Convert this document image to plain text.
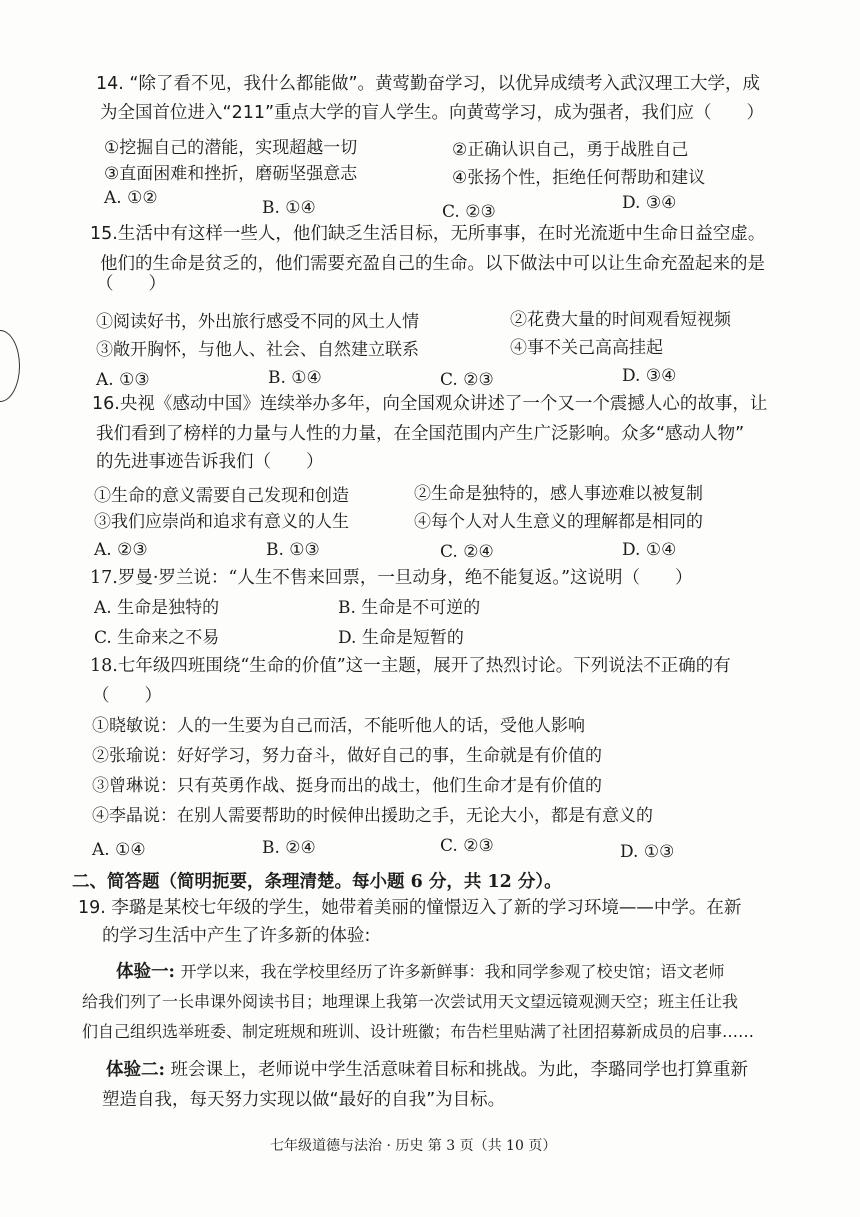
14. “除了看不见，我什么都能做”。黄莺勤奋学习，以优异成绩考入武汉理工大学，成
为全国首位进入“211”重点大学的盲人学生。向黄莺学习，成为强者，我们应（　　）
①挖掘自己的潜能，实现超越一切	②正确认识自己，勇于战胜自己
③直面困难和挫折，磨砺坚强意志	④张扬个性，拒绝任何帮助和建议
A. ①②	B. ①④	C. ②③	D. ③④
15.生活中有这样一些人，他们缺乏生活目标，无所事事，在时光流逝中生命日益空虚。
他们的生命是贫乏的，他们需要充盈自己的生命。以下做法中可以让生命充盈起来的是
（　　）
①阅读好书，外出旅行感受不同的风土人情	②花费大量的时间观看短视频
③敞开胸怀，与他人、社会、自然建立联系	④事不关己高高挂起
A. ①③	B. ①④	C. ②③	D. ③④
16.央视《感动中国》连续举办多年，向全国观众讲述了一个又一个震撼人心的故事，让
我们看到了榜样的力量与人性的力量，在全国范围内产生广泛影响。众多“感动人物”
的先进事迹告诉我们（　　）
①生命的意义需要自己发现和创造	②生命是独特的，感人事迹难以被复制
③我们应崇尚和追求有意义的人生	④每个人对人生意义的理解都是相同的
A. ②③	B. ①③	C. ②④	D. ①④
17.罗曼·罗兰说：“人生不售来回票，一旦动身，绝不能复返。”这说明（　　）
A. 生命是独特的	B. 生命是不可逆的
C. 生命来之不易	D. 生命是短暂的
18.七年级四班围绕“生命的价值”这一主题，展开了热烈讨论。下列说法不正确的有
（　　）
①晓敏说：人的一生要为自己而活，不能听他人的话，受他人影响
②张瑜说：好好学习，努力奋斗，做好自己的事，生命就是有价值的
③曾琳说：只有英勇作战、挺身而出的战士，他们生命才是有价值的
④李晶说：在别人需要帮助的时候伸出援助之手，无论大小，都是有意义的
A. ①④	B. ②④	C. ②③	D. ①③
二、简答题（简明扼要，条理清楚。每小题 6 分，共 12 分）。
19. 李璐是某校七年级的学生，她带着美丽的憧憬迈入了新的学习环境——中学。在新
的学习生活中产生了许多新的体验:
体验一: 开学以来，我在学校里经历了许多新鲜事：我和同学参观了校史馆；语文老师
给我们列了一长串课外阅读书目；地理课上我第一次尝试用天文望远镜观测天空；班主任让我
们自己组织选举班委、制定班规和班训、设计班徽；布告栏里贴满了社团招募新成员的启事……
体验二: 班会课上，老师说中学生活意味着目标和挑战。为此，李璐同学也打算重新
塑造自我，每天努力实现以做“最好的自我”为目标。
七年级道德与法治 · 历史 第 3 页（共 10 页）
